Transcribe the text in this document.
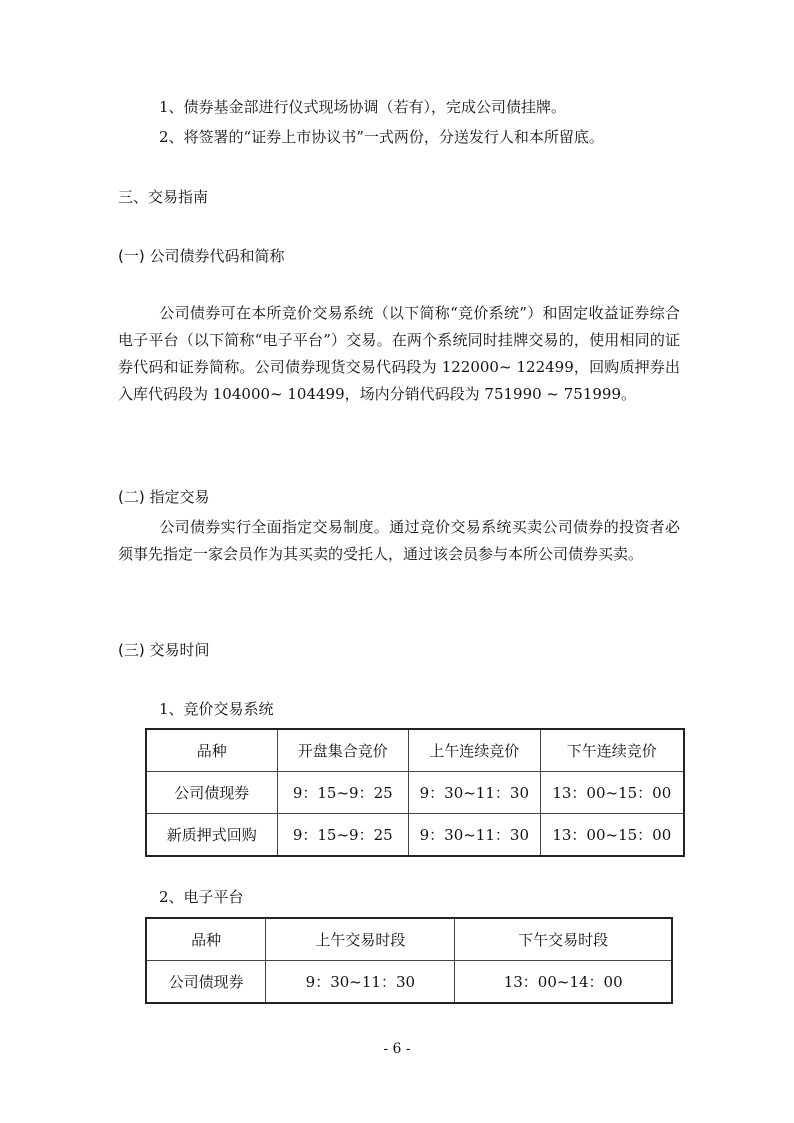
1、债券基金部进行仪式现场协调（若有），完成公司债挂牌。
2、将签署的“证券上市协议书”一式两份，分送发行人和本所留底。
三、交易指南
(一) 公司债券代码和简称
公司债券可在本所竞价交易系统（以下简称“竞价系统”）和固定收益证券综合电子平台（以下简称“电子平台”）交易。在两个系统同时挂牌交易的，使用相同的证券代码和证券简称。公司债券现货交易代码段为 122000~ 122499，回购质押券出入库代码段为 104000~ 104499，场内分销代码段为 751990 ~ 751999。
(二) 指定交易
公司债券实行全面指定交易制度。通过竞价交易系统买卖公司债券的投资者必须事先指定一家会员作为其买卖的受托人，通过该会员参与本所公司债券买卖。
(三) 交易时间
1、竞价交易系统
品种	开盘集合竞价	上午连续竞价	下午连续竞价
公司债现券	9：15~9：25	9：30~11：30	13：00~15：00
新质押式回购	9：15~9：25	9：30~11：30	13：00~15：00
2、电子平台
品种	上午交易时段	下午交易时段
公司债现券	9：30~11：30	13：00~14：00
- 6 -
